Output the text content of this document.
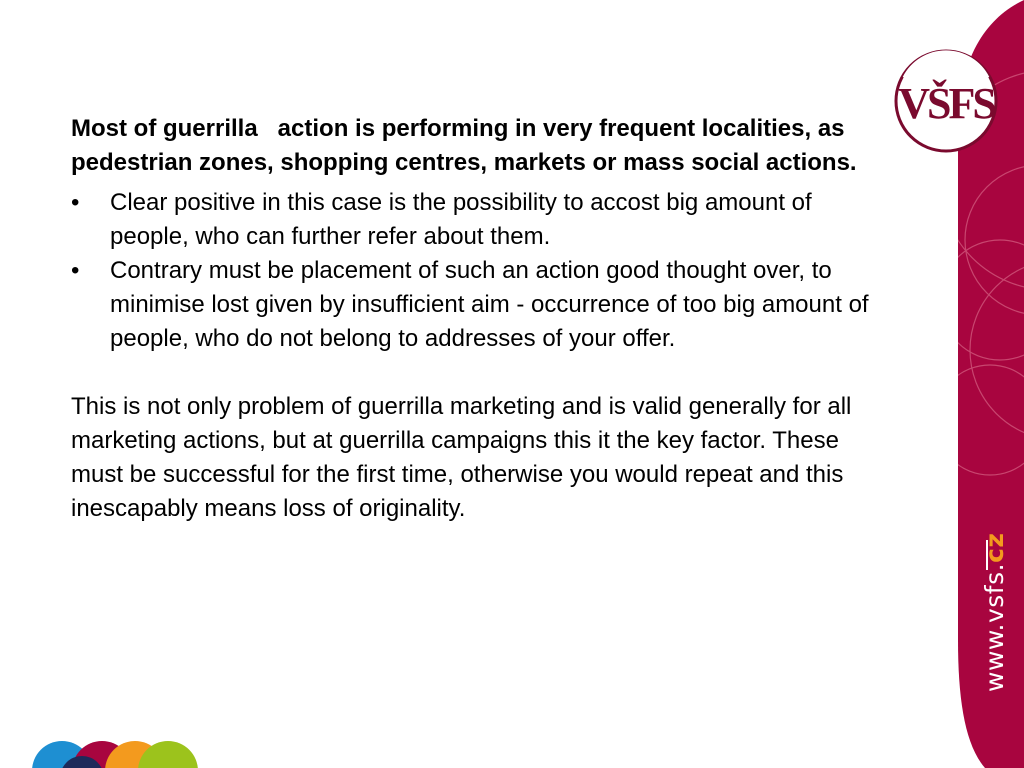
VŠFS
www.vsfs.cz

Most of guerrilla   action is performing in very frequent localities, as pedestrian zones, shopping centres, markets or mass social actions.

• Clear positive in this case is the possibility to accost big amount of people, who can further refer about them.
• Contrary must be placement of such an action good thought over, to minimise lost given by insufficient aim - occurrence of too big amount of people, who do not belong to addresses of your offer.

This is not only problem of guerrilla marketing and is valid generally for all marketing actions, but at guerrilla campaigns this it the key factor. These must be successful for the first time, otherwise you would repeat and this  inescapably means loss of originality.
